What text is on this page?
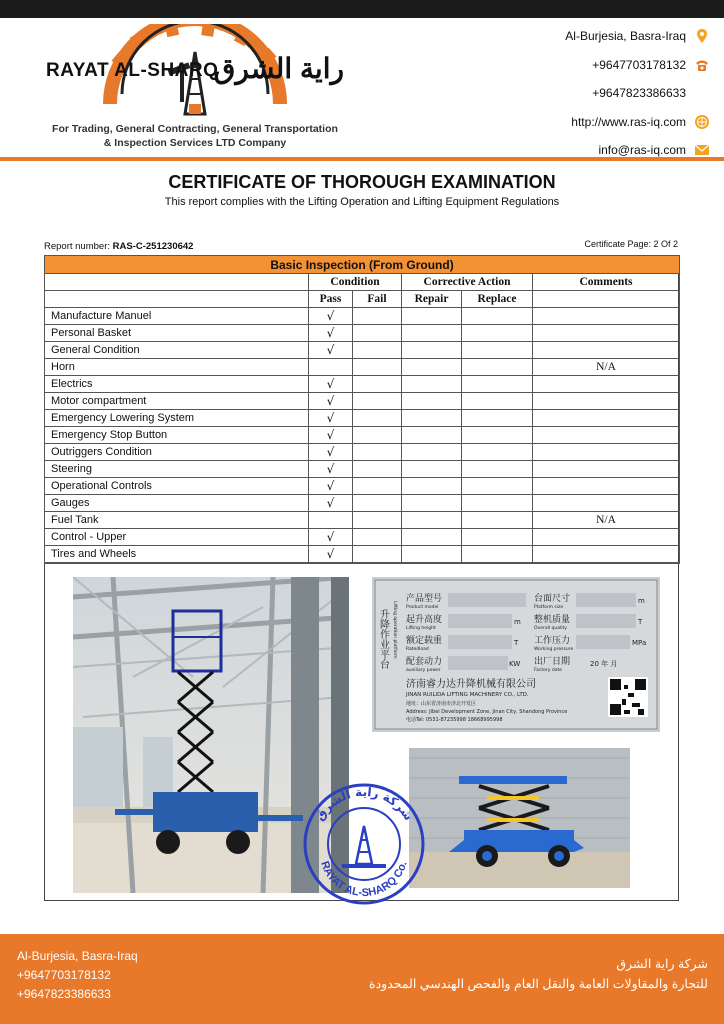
RAYAT AL-SHARQ
راية الشرق
For Trading, General Contracting, General Transportation
& Inspection Services LTD Company
Al-Burjesia, Basra-Iraq
+9647703178132
+9647823386633
http://www.ras-iq.com
info@ras-iq.com
CERTIFICATE OF THOROUGH EXAMINATION
This report complies with the Lifting Operation and Lifting Equipment Regulations
Report number: RAS-C-251230642	Certificate Page: 2 Of 2
Basic Inspection (From Ground)					
	Condition		Corrective Action		Comments
	Pass	Fail	Repair	Replace	
Manufacture Manuel	√				
Personal Basket	√				
General Condition	√				
Horn					N/A
Electrics	√				
Motor compartment	√				
Emergency Lowering System	√				
Emergency Stop Button	√				
Outriggers Condition	√				
Steering	√				
Operational Controls	√				
Gauges	√				
Fuel Tank					N/A
Control - Upper	√				
Tires and Wheels	√				

升降作业平台 Lifting operation platform
产品型号
Product model
台面尺寸
Platform size
m
起升高度
Lifting height
m 整机质量
Overall quality
T
额定载重
Ratedload
T 工作压力
Working pressure
MPa
配套动力
auxiliary power
KW 出厂日期
Factory date
20 年 月
济南睿力达升降机械有限公司
JINAN RUILIDA LIFTING MACHINERY CO., LTD.
地址：山东省济南市济北开发区
Address: Jibei Development Zone, Jinan City, Shandong Province
电话Tel: 0531-87235998 18668995998
شركة راية الشرق
RAYAT AL-SHARQ Co.
Al-Burjesia, Basra-Iraq
+9647703178132
+9647823386633
شركة راية الشرق
للتجارة والمقاولات العامة والنقل العام والفحص الهندسي المحدودة
